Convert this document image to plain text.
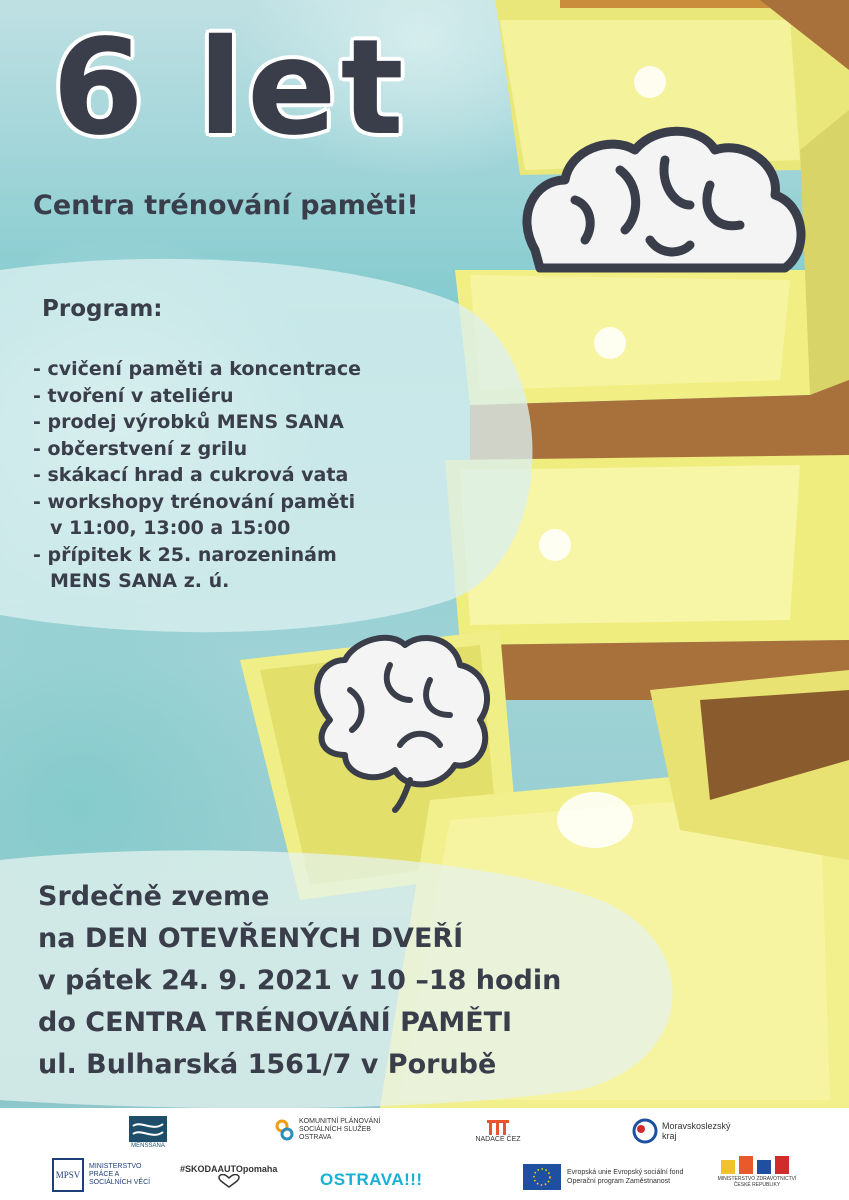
6 let
Centra trénování paměti!
Program:
- cvičení paměti a koncentrace
- tvoření v ateliéru
- prodej výrobků MENS SANA
- občerstvení z grilu
- skákací hrad a cukrová vata
- workshopy trénování paměti
v 11:00, 13:00 a 15:00
- přípitek k 25. narozeninám
MENS SANA z. ú.
Srdečně zveme
na DEN OTEVŘENÝCH DVEŘÍ
v pátek 24. 9. 2021 v 10 –18 hodin
do CENTRA TRÉNOVÁNÍ PAMĚTI
ul. Bulharská 1561/7 v Porubě
MENSSANA
KOMUNITNÍ PLÁNOVÁNÍ SOCIÁLNÍCH SLUŽEB OSTRAVA	NADACE ČEZ
Moravskoslezský kraj
MPSV
MINISTERSTVO PRÁCE A SOCIÁLNÍCH VĚCÍ
#SKODAAUTOpomaha
OSTRAVA!!!	Evropská unie Evropský sociální fond Operační program Zaměstnanost	MINISTERSTVO ZDRAVOTNICTVÍ ČESKÉ REPUBLIKY
